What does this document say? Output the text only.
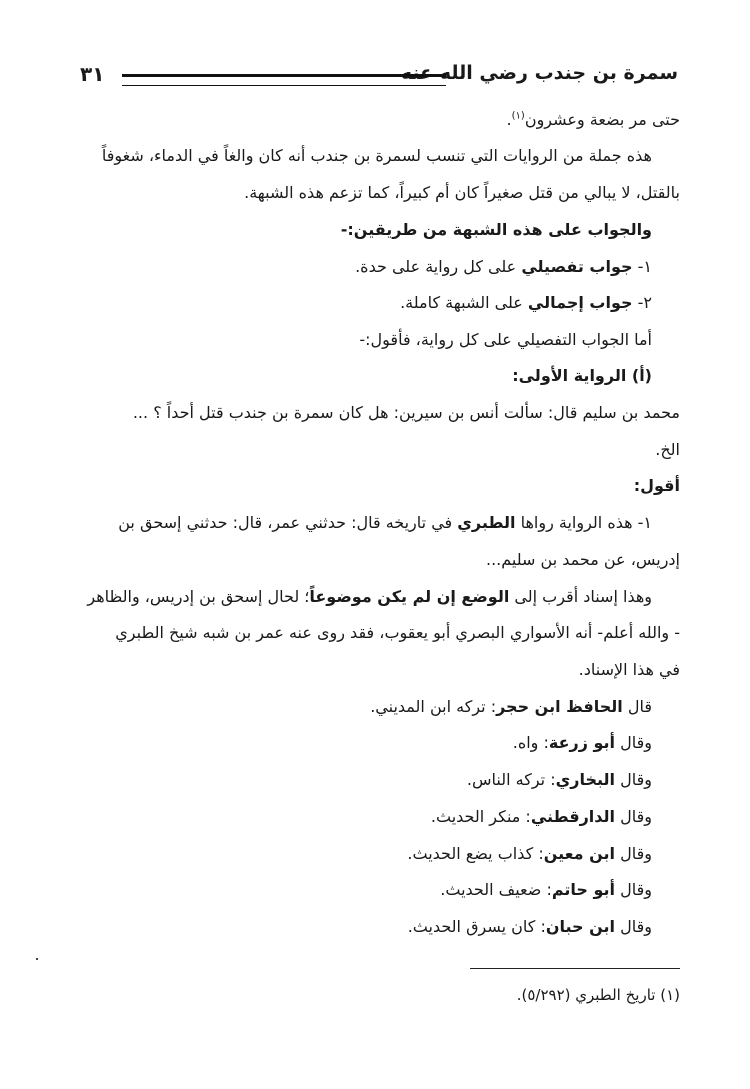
سمرة بن جندب رضي الله عنه
٣١
حتى مر بضعة وعشرون$^{(١)}$.
هذه جملة من الروايات التي تنسب لسمرة بن جندب أنه كان والغاً في الدماء، شغوفاً
بالقتل، لا يبالي من قتل صغيراً كان أم كبيراً، كما تزعم هذه الشبهة.
والجواب على هذه الشبهة من طريقين:-
١- جواب تفصيلي على كل رواية على حدة.
٢- جواب إجمالي على الشبهة كاملة.
أما الجواب التفصيلي على كل رواية، فأقول:-
(أ) الرواية الأولى:
محمد بن سليم قال: سألت أنس بن سيرين: هل كان سمرة بن جندب قتل أحداً ؟ ...
الخ.
أقول:
١- هذه الرواية رواها الطبري في تاريخه قال: حدثني عمر، قال: حدثني إسحق بن
إدريس، عن محمد بن سليم...
وهذا إسناد أقرب إلى الوضع إن لم يكن موضوعاً؛ لحال إسحق بن إدريس، والظاهر
- والله أعلم- أنه الأسواري البصري أبو يعقوب، فقد روى عنه عمر بن شبه شيخ الطبري
في هذا الإسناد.
قال الحافظ ابن حجر: تركه ابن المديني.
وقال أبو زرعة: واه.
وقال البخاري: تركه الناس.
وقال الدارقطني: منكر الحديث.
وقال ابن معين: كذاب يضع الحديث.
وقال أبو حاتم: ضعيف الحديث.
وقال ابن حبان: كان يسرق الحديث.
(١) تاريخ الطبري (٥/٢٩٢).
